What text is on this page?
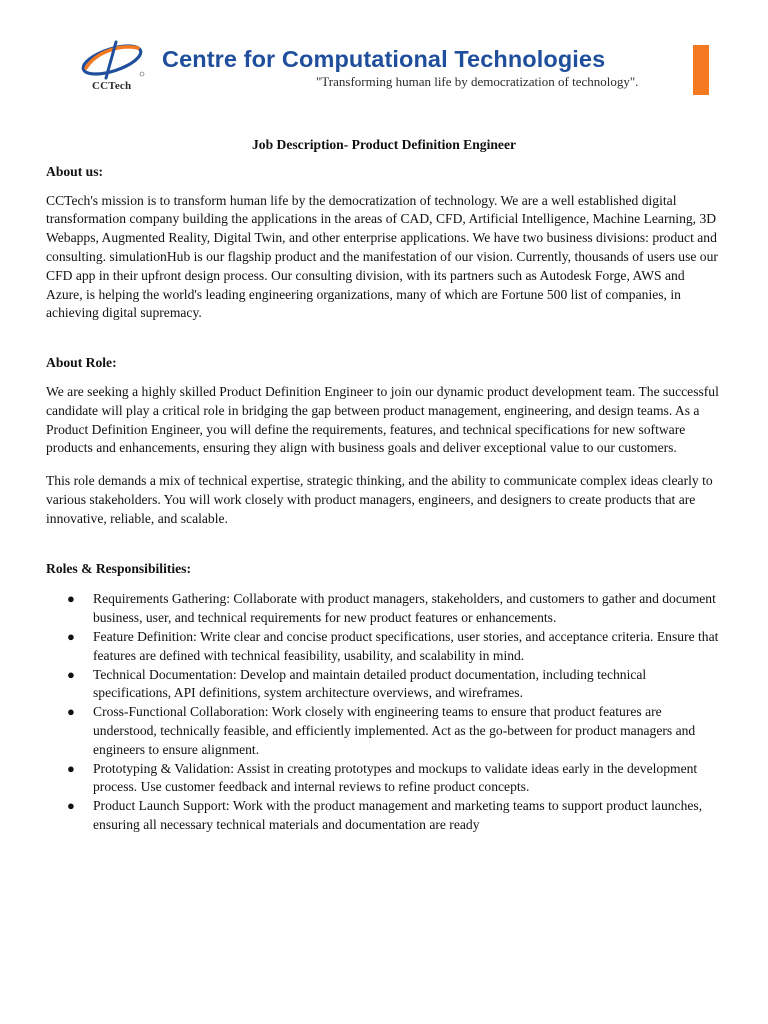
CCTech
Centre for Computational Technologies
"Transforming human life by democratization of technology".
Job Description- Product Definition Engineer
About us:

CCTech's mission is to transform human life by the democratization of technology. We are a well established digital transformation company building the applications in the areas of CAD, CFD, Artificial Intelligence, Machine Learning, 3D Webapps, Augmented Reality, Digital Twin, and other enterprise applications. We have two business divisions: product and consulting. simulationHub is our flagship product and the manifestation of our vision. Currently, thousands of users use our CFD app in their upfront design process. Our consulting division, with its partners such as Autodesk Forge, AWS and Azure, is helping the world's leading engineering organizations, many of which are Fortune 500 list of companies, in achieving digital supremacy.

About Role:

We are seeking a highly skilled Product Definition Engineer to join our dynamic product development team. The successful candidate will play a critical role in bridging the gap between product management, engineering, and design teams. As a Product Definition Engineer, you will define the requirements, features, and technical specifications for new software products and enhancements, ensuring they align with business goals and deliver exceptional value to our customers.

This role demands a mix of technical expertise, strategic thinking, and the ability to communicate complex ideas clearly to various stakeholders. You will work closely with product managers, engineers, and designers to create products that are innovative, reliable, and scalable.

Roles & Responsibilities:
● Requirements Gathering: Collaborate with product managers, stakeholders, and customers to gather and document business, user, and technical requirements for new product features or enhancements.
● Feature Definition: Write clear and concise product specifications, user stories, and acceptance criteria. Ensure that features are defined with technical feasibility, usability, and scalability in mind.
● Technical Documentation: Develop and maintain detailed product documentation, including technical specifications, API definitions, system architecture overviews, and wireframes.
● Cross-Functional Collaboration: Work closely with engineering teams to ensure that product features are understood, technically feasible, and efficiently implemented. Act as the go-between for product managers and engineers to ensure alignment.
● Prototyping & Validation: Assist in creating prototypes and mockups to validate ideas early in the development process. Use customer feedback and internal reviews to refine product concepts.
● Product Launch Support: Work with the product management and marketing teams to support product launches, ensuring all necessary technical materials and documentation are ready
